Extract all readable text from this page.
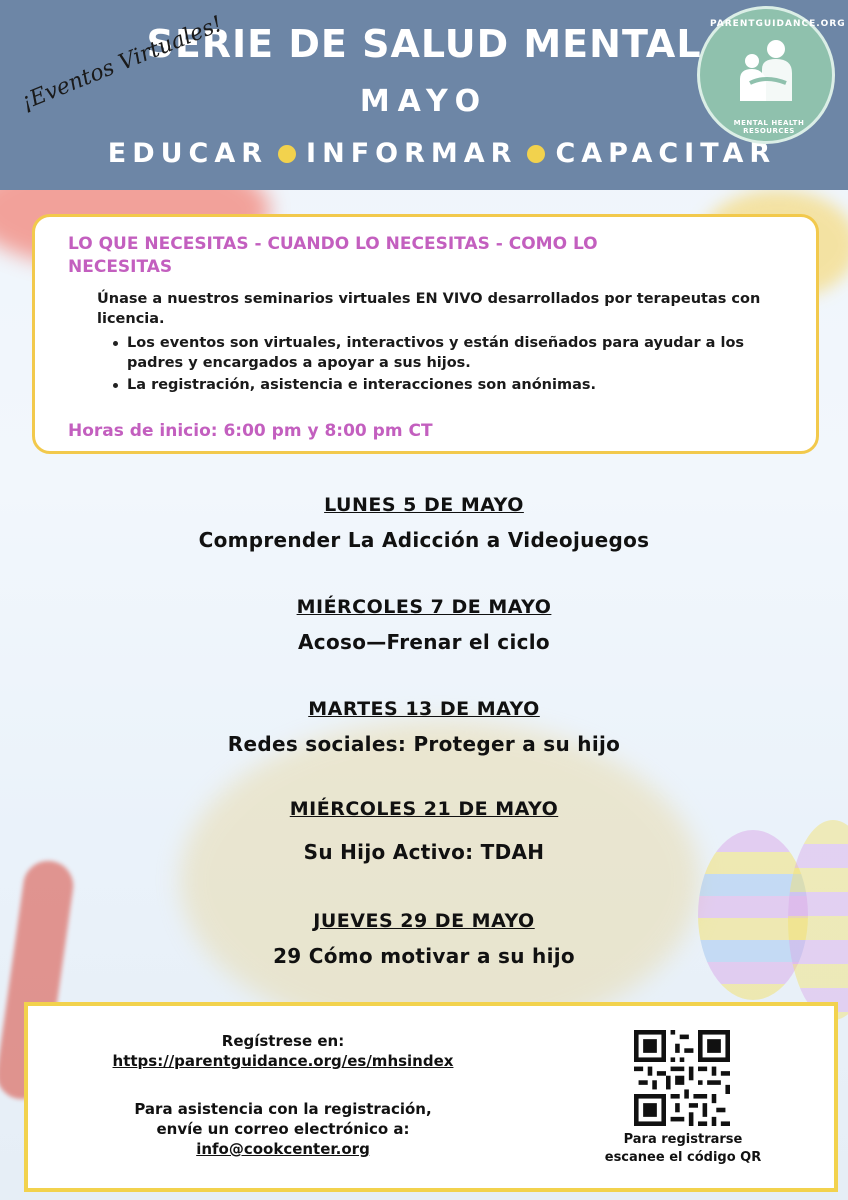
SERIE DE SALUD MENTAL
MAYO
EDUCAR INFORMAR CAPACITAR
¡Eventos Virtuales!	PARENTGUIDANCE.ORG
MENTAL HEALTH RESOURCES
LO QUE NECESITAS - CUANDO LO NECESITAS - COMO LO NECESITAS
Únase a nuestros seminarios virtuales EN VIVO desarrollados por terapeutas con licencia.
Los eventos son virtuales, interactivos y están diseñados para ayudar a los padres y encargados a apoyar a sus hijos.
La registración, asistencia e interacciones son anónimas.
Horas de inicio: 6:00 pm y 8:00 pm CT
LUNES 5 DE MAYO
Comprender La Adicción a Videojuegos
MIÉRCOLES 7 DE MAYO
Acoso—Frenar el ciclo
MARTES 13 DE MAYO
Redes sociales: Proteger a su hijo
MIÉRCOLES 21 DE MAYO
Su Hijo Activo: TDAH
JUEVES 29 DE MAYO
29 Cómo motivar a su hijo
Regístrese en:
https://parentguidance.org/es/mhsindex
Para asistencia con la registración,
envíe un correo electrónico a:
info@cookcenter.org
Para registrarse
escanee el código QR
